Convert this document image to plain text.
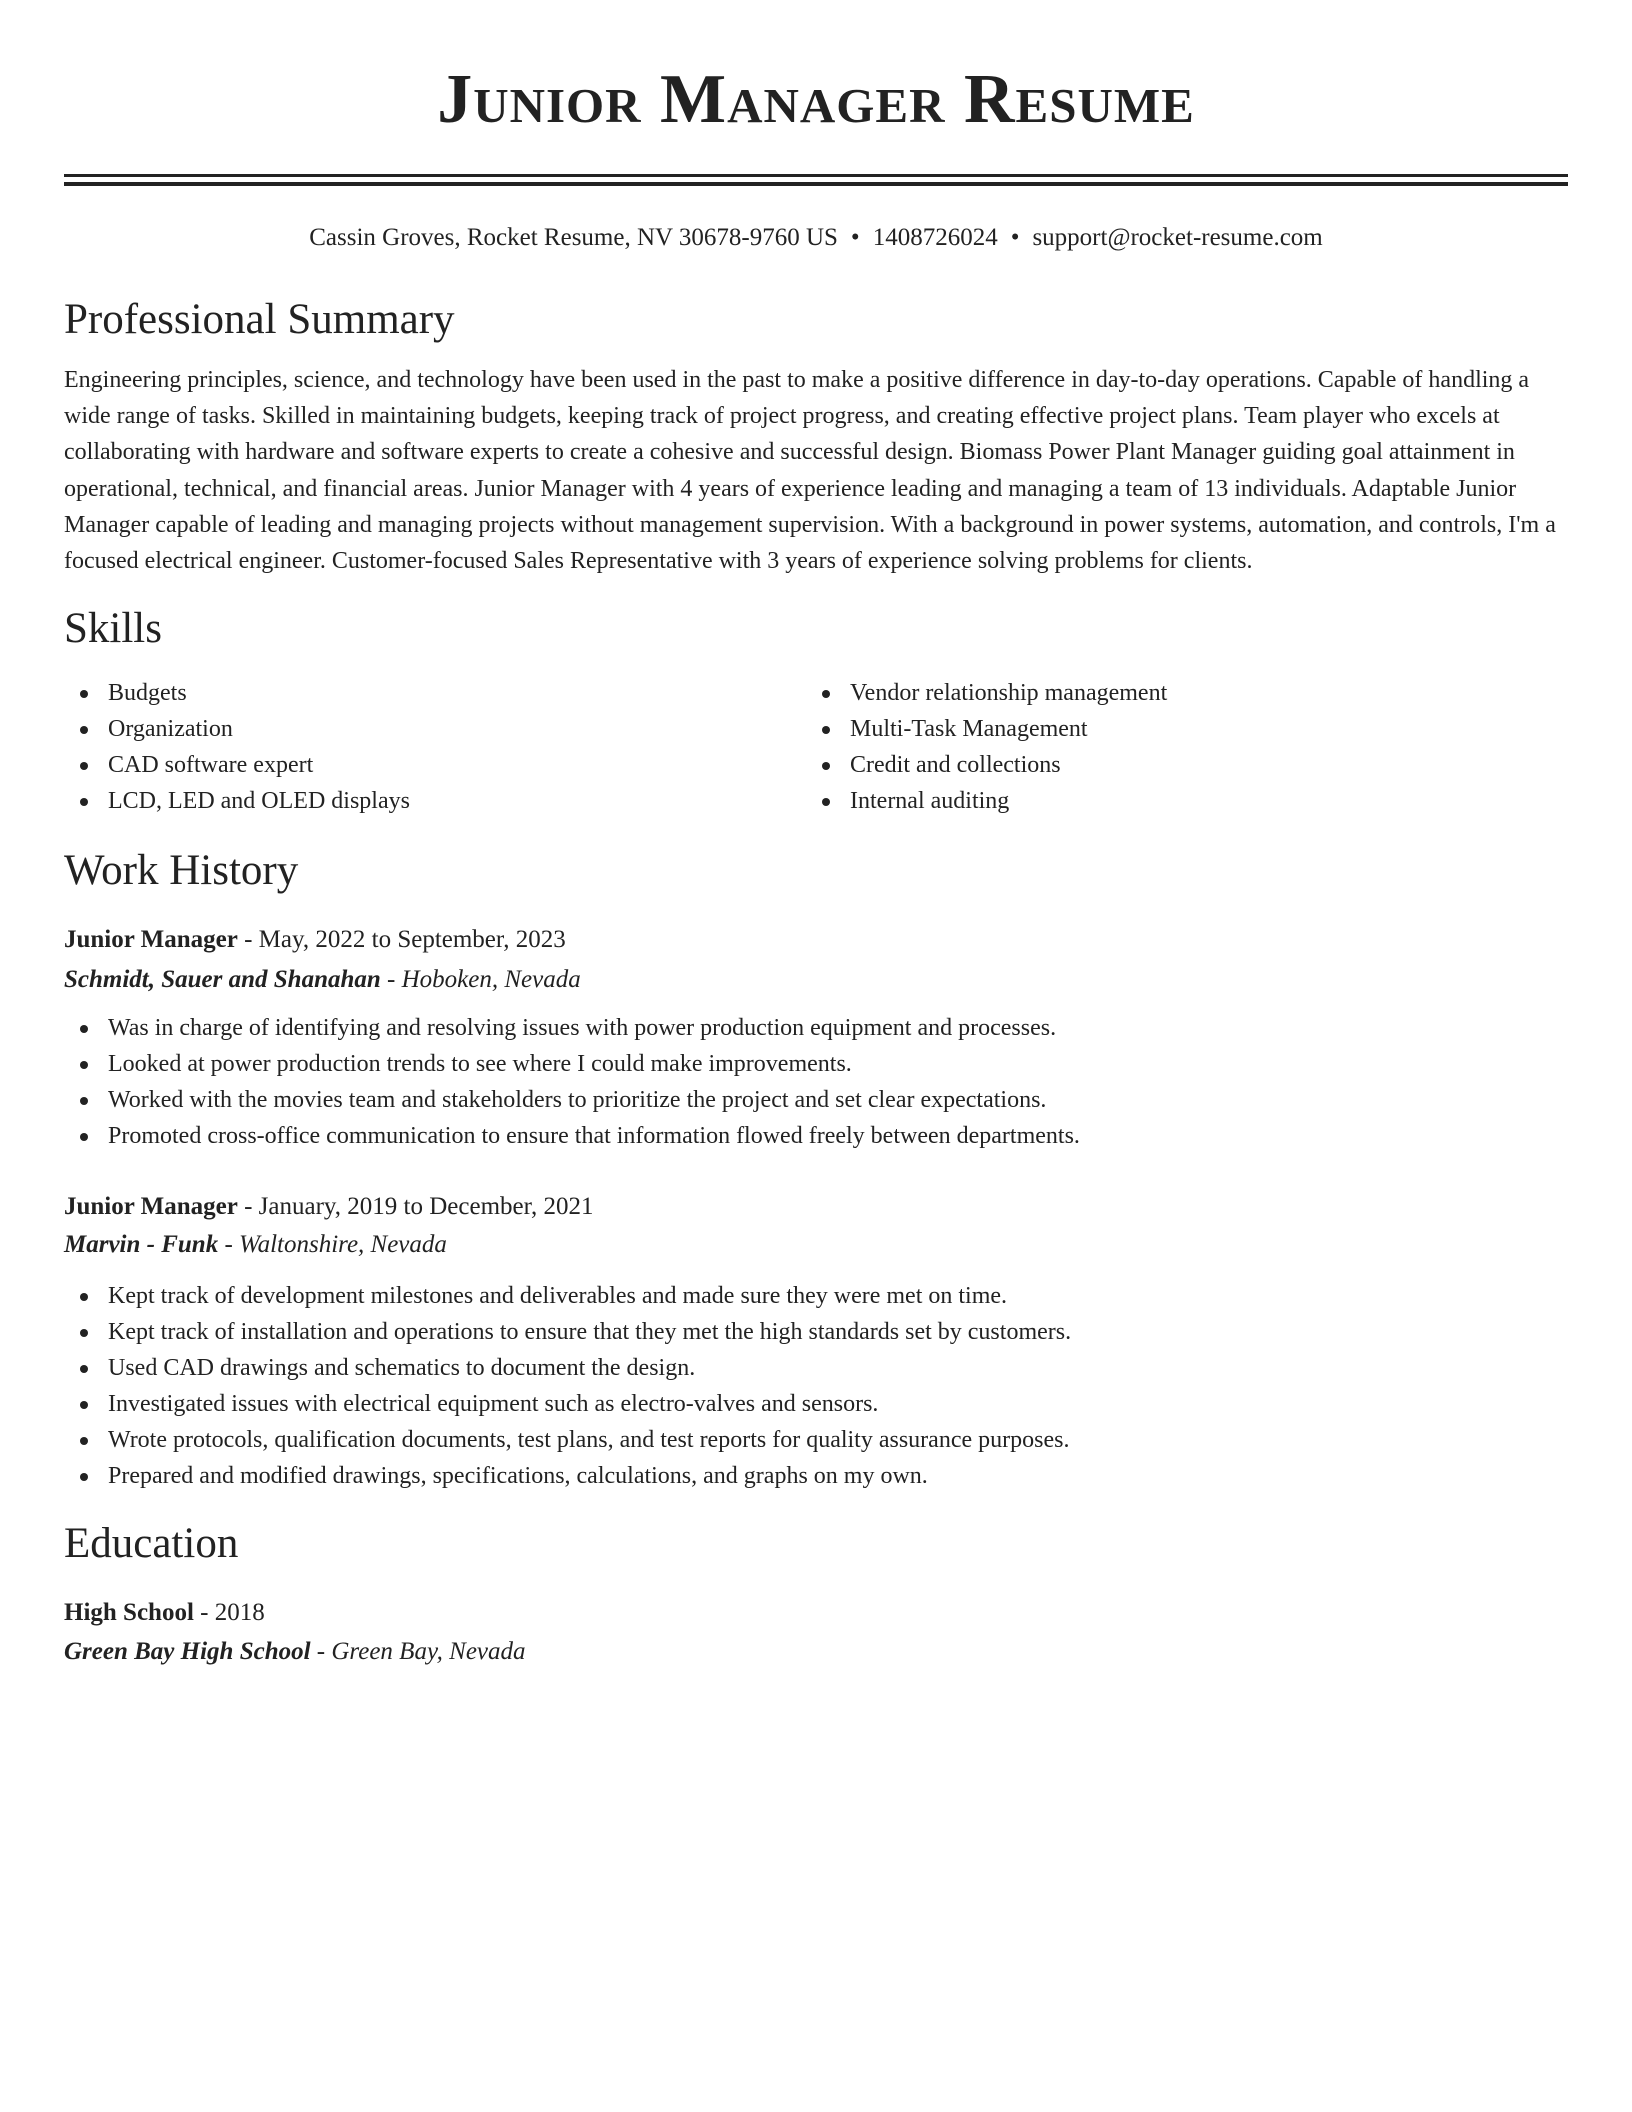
Junior Manager Resume
Cassin Groves, Rocket Resume, NV 30678-9760 US • 1408726024 • support@rocket-resume.com
Professional Summary

Engineering principles, science, and technology have been used in the past to make a positive difference in day-to-day operations. Capable of handling a wide range of tasks. Skilled in maintaining budgets, keeping track of project progress, and creating effective project plans. Team player who excels at collaborating with hardware and software experts to create a cohesive and successful design. Biomass Power Plant Manager guiding goal attainment in operational, technical, and financial areas. Junior Manager with 4 years of experience leading and managing a team of 13 individuals. Adaptable Junior Manager capable of leading and managing projects without management supervision. With a background in power systems, automation, and controls, I'm a focused electrical engineer. Customer-focused Sales Representative with 3 years of experience solving problems for clients.

Skills
Budgets
Organization
CAD software expert
LCD, LED and OLED displays
Vendor relationship management
Multi-Task Management
Credit and collections
Internal auditing
Work History
Junior Manager - May, 2022 to September, 2023
Schmidt, Sauer and Shanahan - Hoboken, Nevada
Was in charge of identifying and resolving issues with power production equipment and processes.
Looked at power production trends to see where I could make improvements.
Worked with the movies team and stakeholders to prioritize the project and set clear expectations.
Promoted cross-office communication to ensure that information flowed freely between departments.
Junior Manager - January, 2019 to December, 2021
Marvin - Funk - Waltonshire, Nevada
Kept track of development milestones and deliverables and made sure they were met on time.
Kept track of installation and operations to ensure that they met the high standards set by customers.
Used CAD drawings and schematics to document the design.
Investigated issues with electrical equipment such as electro-valves and sensors.
Wrote protocols, qualification documents, test plans, and test reports for quality assurance purposes.
Prepared and modified drawings, specifications, calculations, and graphs on my own.
Education
High School - 2018
Green Bay High School - Green Bay, Nevada
